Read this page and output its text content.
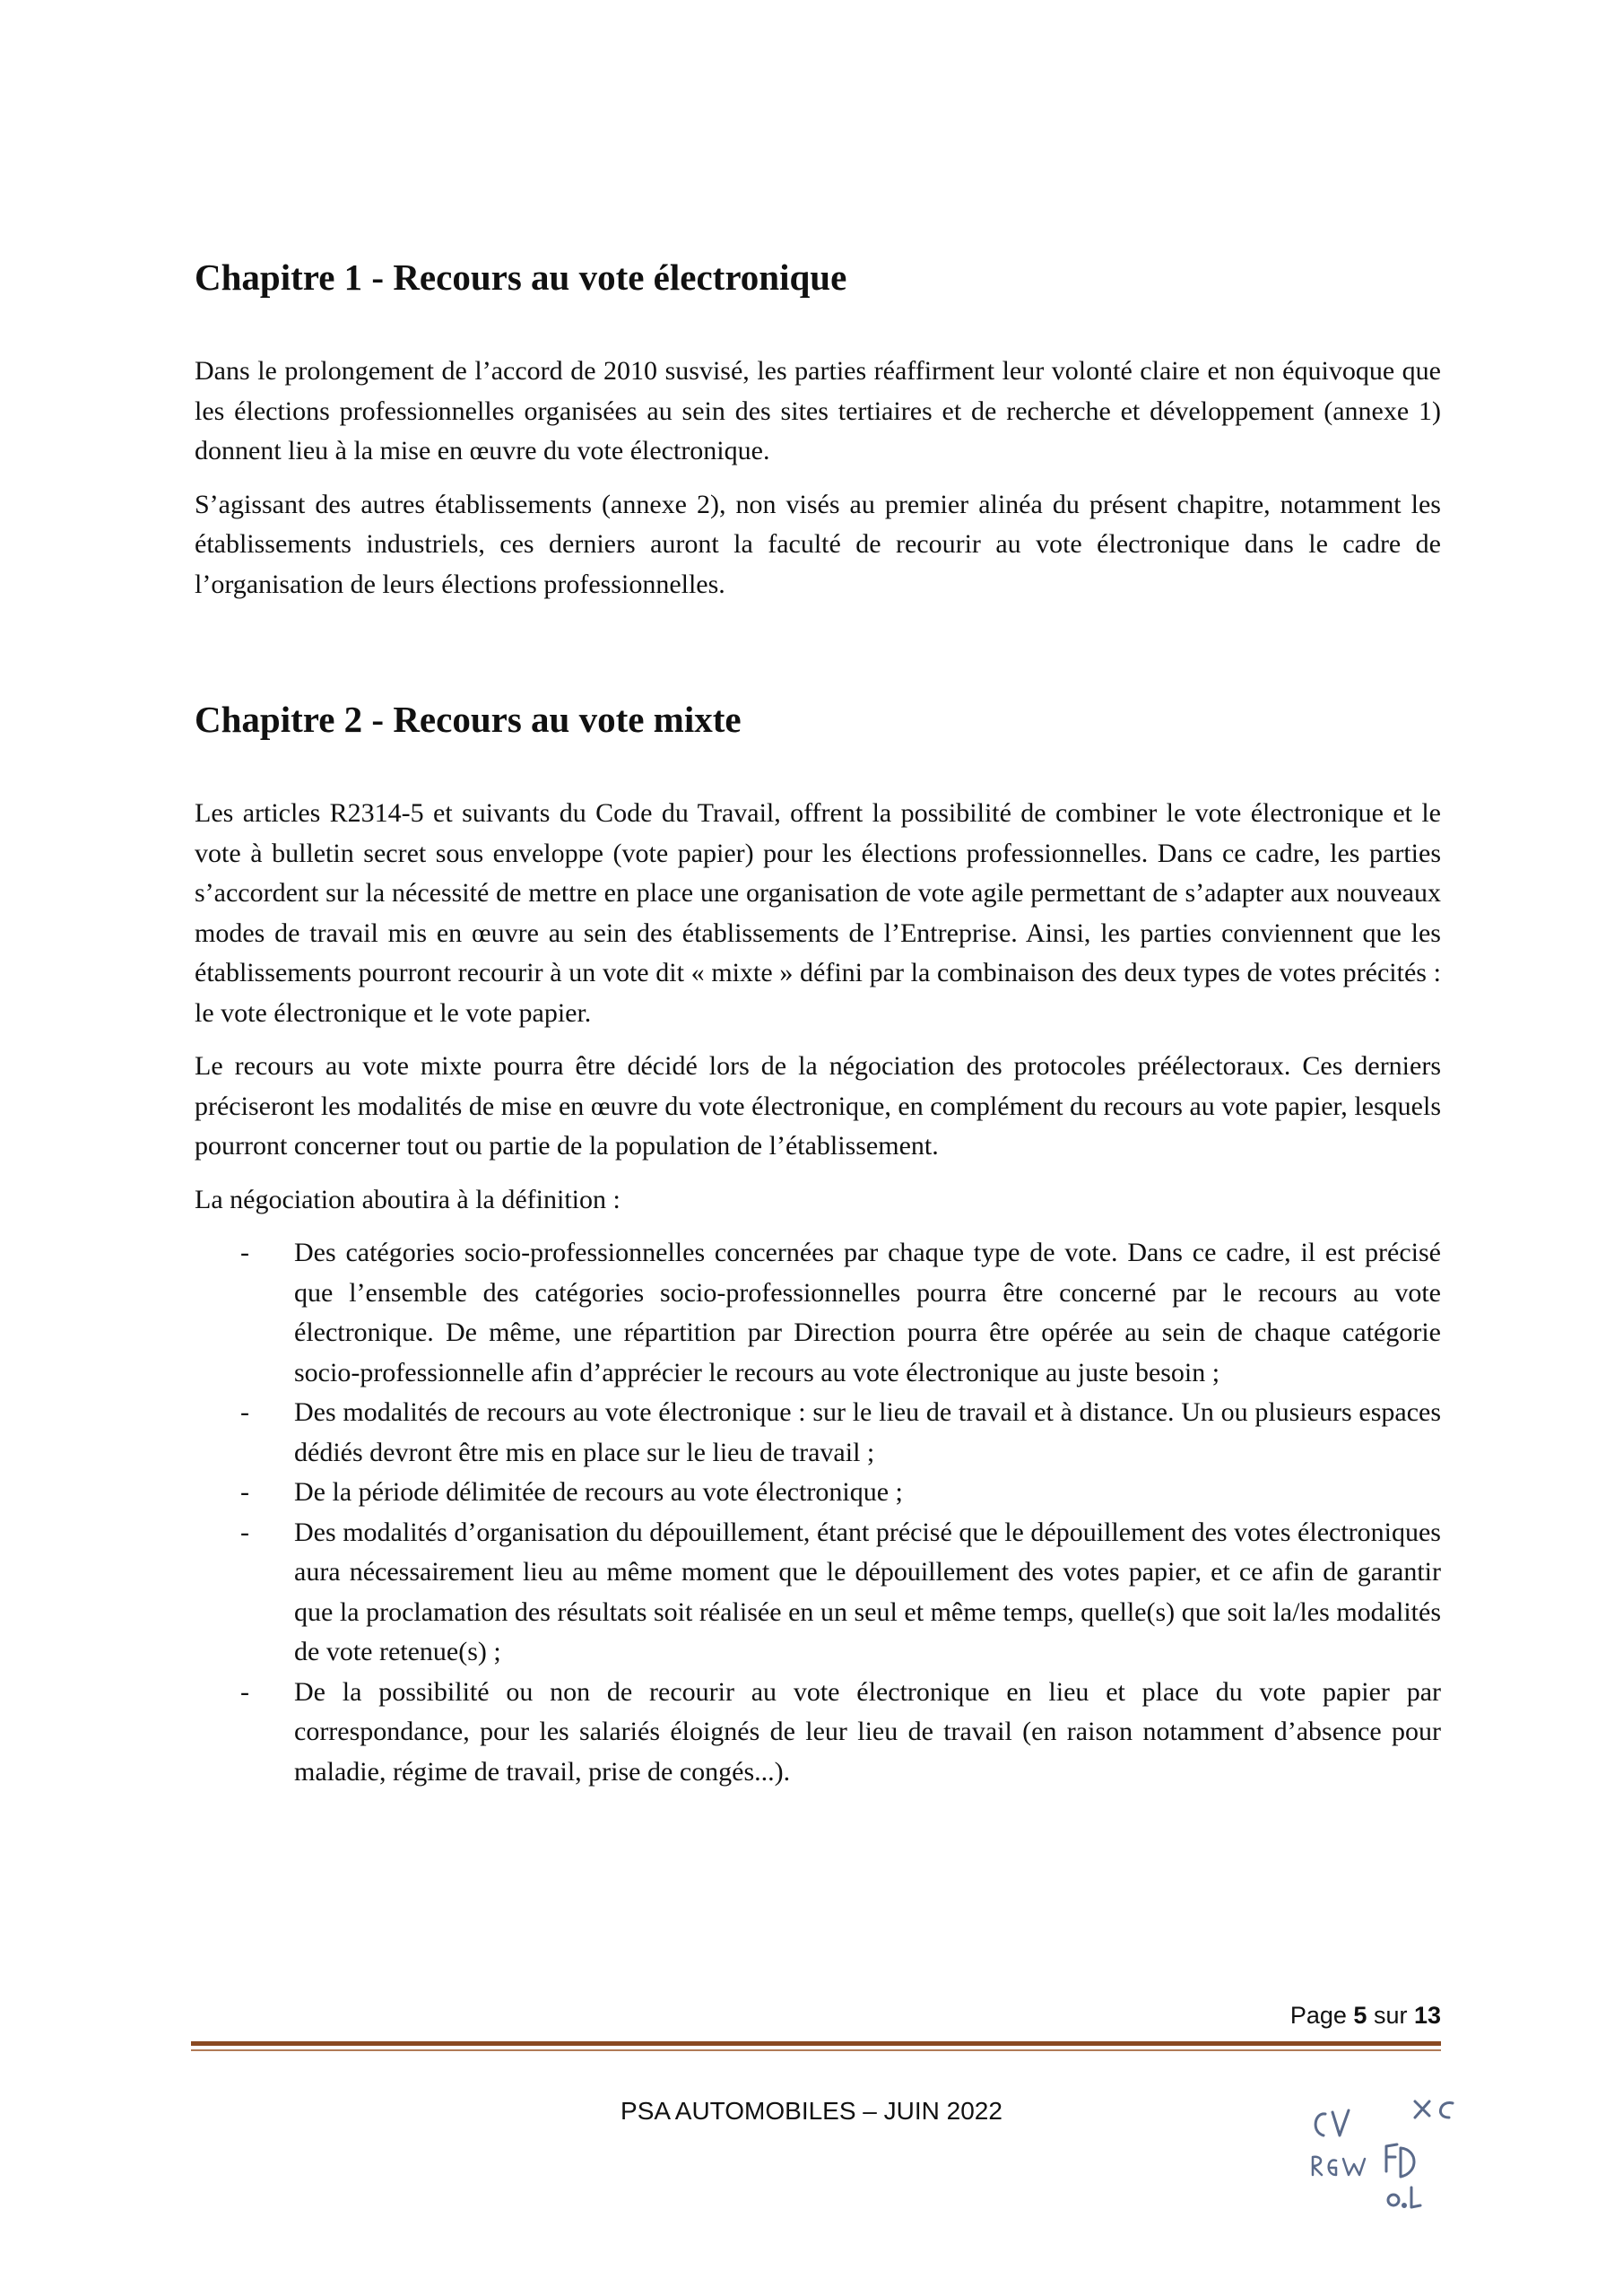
Chapitre 1 - Recours au vote électronique

Dans le prolongement de l’accord de 2010 susvisé, les parties réaffirment leur volonté claire et non équivoque que les élections professionnelles organisées au sein des sites tertiaires et de recherche et développement (annexe 1) donnent lieu à la mise en œuvre du vote électronique.

S’agissant des autres établissements (annexe 2), non visés au premier alinéa du présent chapitre, notamment les établissements industriels, ces derniers auront la faculté de recourir au vote électronique dans le cadre de l’organisation de leurs élections professionnelles.

Chapitre 2 - Recours au vote mixte

Les articles R2314-5 et suivants du Code du Travail, offrent la possibilité de combiner le vote électronique et le vote à bulletin secret sous enveloppe (vote papier) pour les élections professionnelles. Dans ce cadre, les parties s’accordent sur la nécessité de mettre en place une organisation de vote agile permettant de s’adapter aux nouveaux modes de travail mis en œuvre au sein des établissements de l’Entreprise. Ainsi, les parties conviennent que les établissements pourront recourir à un vote dit « mixte » défini par la combinaison des deux types de votes précités : le vote électronique et le vote papier.

Le recours au vote mixte pourra être décidé lors de la négociation des protocoles préélectoraux. Ces derniers préciseront les modalités de mise en œuvre du vote électronique, en complément du recours au vote papier, lesquels pourront concerner tout ou partie de la population de l’établissement.

La négociation aboutira à la définition :

- Des catégories socio-professionnelles concernées par chaque type de vote. Dans ce cadre, il est précisé que l’ensemble des catégories socio-professionnelles pourra être concerné par le recours au vote électronique. De même, une répartition par Direction pourra être opérée au sein de chaque catégorie socio-professionnelle afin d’apprécier le recours au vote électronique au juste besoin ;
- Des modalités de recours au vote électronique : sur le lieu de travail et à distance. Un ou plusieurs espaces dédiés devront être mis en place sur le lieu de travail ;
- De la période délimitée de recours au vote électronique ;
- Des modalités d’organisation du dépouillement, étant précisé que le dépouillement des votes électroniques aura nécessairement lieu au même moment que le dépouillement des votes papier, et ce afin de garantir que la proclamation des résultats soit réalisée en un seul et même temps, quelle(s) que soit la/les modalités de vote retenue(s) ;
- De la possibilité ou non de recourir au vote électronique en lieu et place du vote papier par correspondance, pour les salariés éloignés de leur lieu de travail (en raison notamment d’absence pour maladie, régime de travail, prise de congés...).
Page 5 sur 13
PSA AUTOMOBILES – JUIN 2022
